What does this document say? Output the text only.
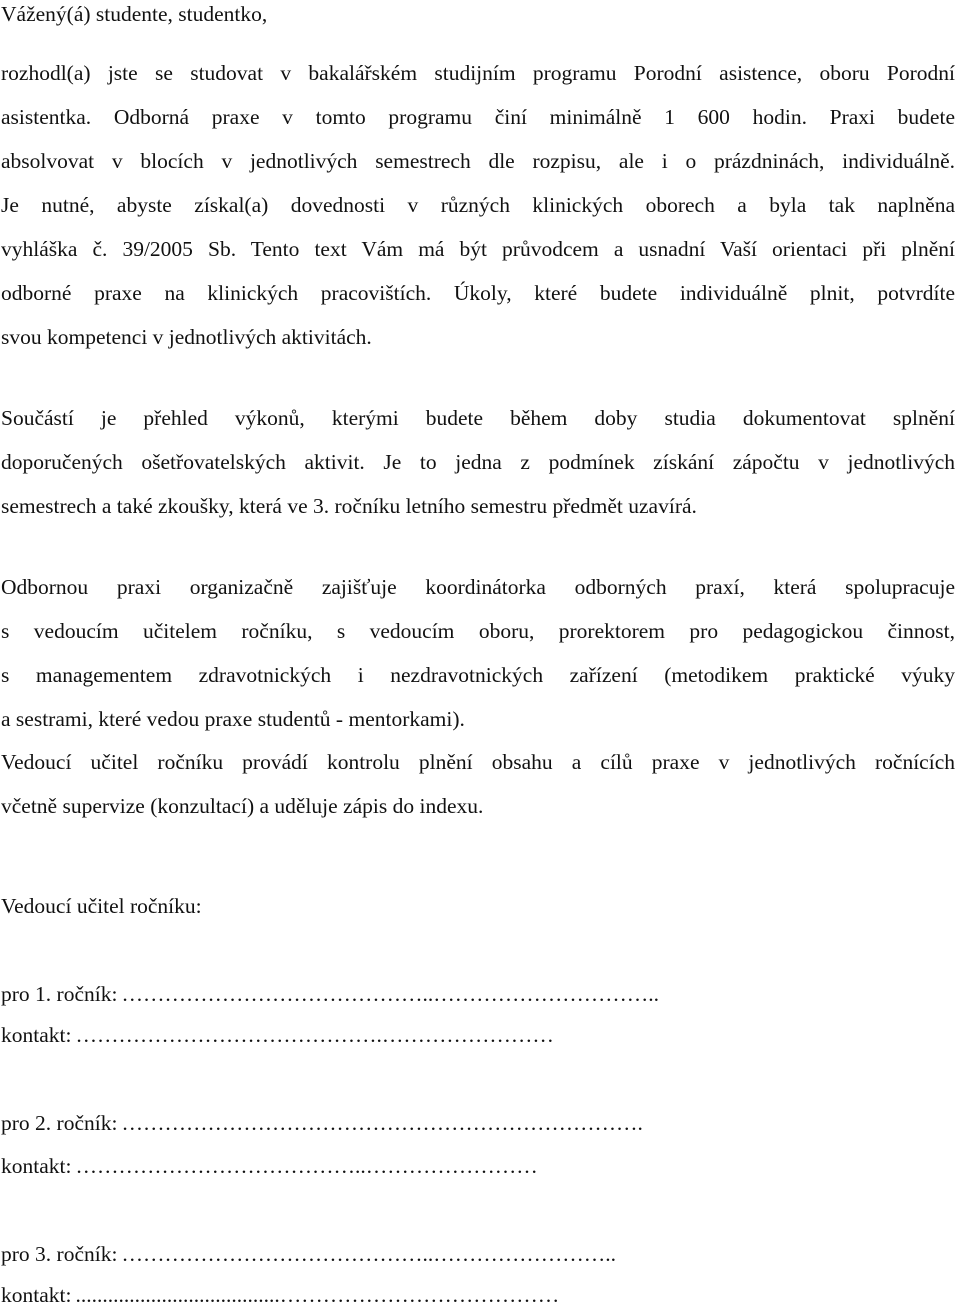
Vážený(á) studente, studentko,
rozhodl(a) jste se studovat v bakalářském studijním programu Porodní asistence, oboru Porodní
asistentka. Odborná praxe v tomto programu činí minimálně 1 600 hodin. Praxi budete
absolvovat v blocích v jednotlivých semestrech dle rozpisu, ale i o prázdninách, individuálně.
Je nutné, abyste získal(a) dovednosti v různých klinických oborech a byla tak naplněna
vyhláška č. 39/2005 Sb. Tento text Vám má být průvodcem a usnadní Vaší orientaci při plnění
odborné praxe na klinických pracovištích. Úkoly, které budete individuálně plnit, potvrdíte
svou kompetenci v jednotlivých aktivitách.
Součástí je přehled výkonů, kterými budete během doby studia dokumentovat splnění
doporučených ošetřovatelských aktivit. Je to jedna z podmínek získání zápočtu v jednotlivých
semestrech a také zkoušky, která ve 3. ročníku letního semestru předmět uzavírá.
Odbornou praxi organizačně zajišťuje koordinátorka odborných praxí, která spolupracuje
s vedoucím učitelem ročníku, s vedoucím oboru, prorektorem pro pedagogickou činnost,
s managementem zdravotnických i nezdravotnických zařízení (metodikem praktické výuky
a sestrami, které vedou praxe studentů - mentorkami).
Vedoucí učitel ročníku provádí kontrolu plnění obsahu a cílů praxe v jednotlivých ročnících
včetně supervize (konzultací) a uděluje zápis do indexu.
Vedoucí učitel ročníku:
pro 1. ročník: ……………………………………..…………………………..
kontakt: …………………………………….……………………
pro 2. ročník: ……………………………………………………………….
kontakt: …………………………………..……………………
pro 3. ročník: ……………………………………..……………………..
kontakt: ......................................…………………………………
